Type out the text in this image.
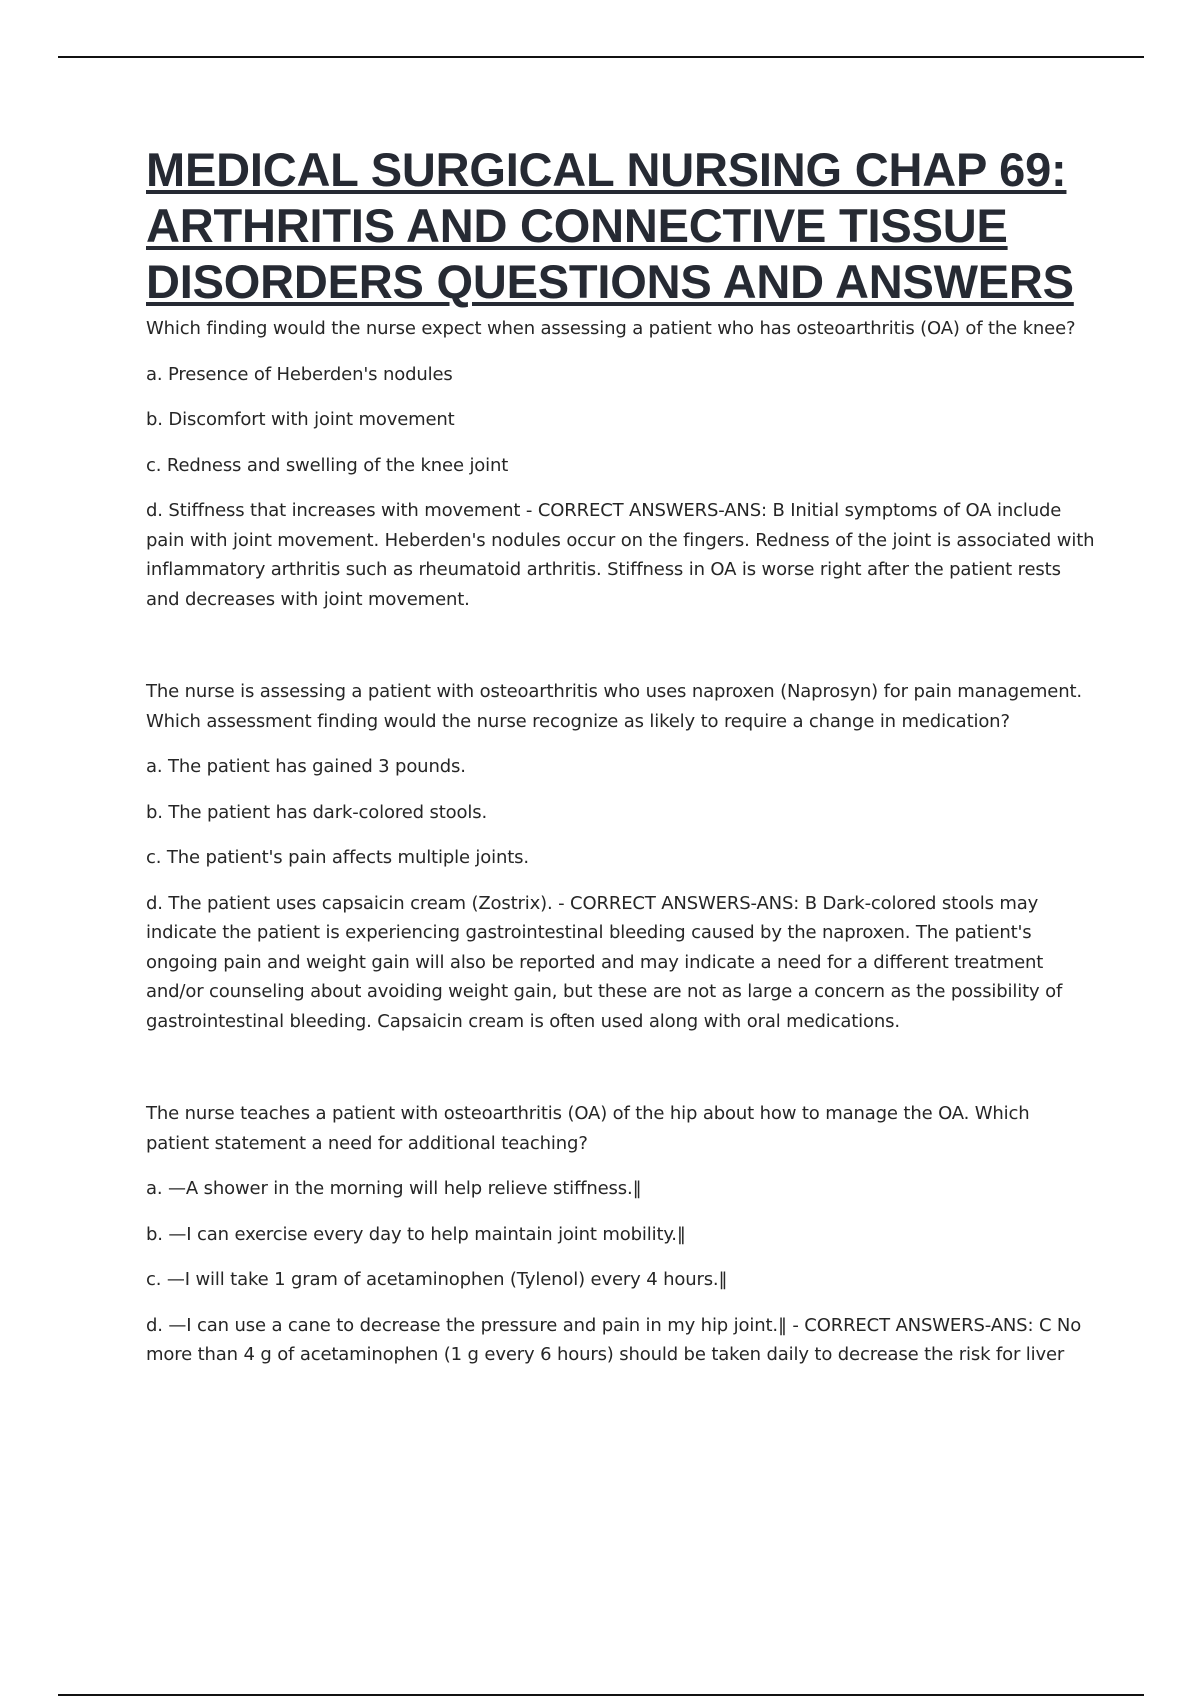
MEDICAL SURGICAL NURSING CHAP 69: ARTHRITIS AND CONNECTIVE TISSUE DISORDERS QUESTIONS AND ANSWERS

Which finding would the nurse expect when assessing a patient who has osteoarthritis (OA) of the knee?

a. Presence of Heberden's nodules

b. Discomfort with joint movement

c. Redness and swelling of the knee joint

d. Stiffness that increases with movement - CORRECT ANSWERS-ANS: B Initial symptoms of OA include pain with joint movement. Heberden's nodules occur on the fingers. Redness of the joint is associated with inflammatory arthritis such as rheumatoid arthritis. Stiffness in OA is worse right after the patient rests and decreases with joint movement.

The nurse is assessing a patient with osteoarthritis who uses naproxen (Naprosyn) for pain management. Which assessment finding would the nurse recognize as likely to require a change in medication?

a. The patient has gained 3 pounds.

b. The patient has dark-colored stools.

c. The patient's pain affects multiple joints.

d. The patient uses capsaicin cream (Zostrix). - CORRECT ANSWERS-ANS: B Dark-colored stools may indicate the patient is experiencing gastrointestinal bleeding caused by the naproxen. The patient's ongoing pain and weight gain will also be reported and may indicate a need for a different treatment and/or counseling about avoiding weight gain, but these are not as large a concern as the possibility of gastrointestinal bleeding. Capsaicin cream is often used along with oral medications.

The nurse teaches a patient with osteoarthritis (OA) of the hip about how to manage the OA. Which patient statement a need for additional teaching?

a. —A shower in the morning will help relieve stiffness.‖

b. —I can exercise every day to help maintain joint mobility.‖

c. —I will take 1 gram of acetaminophen (Tylenol) every 4 hours.‖

d. —I can use a cane to decrease the pressure and pain in my hip joint.‖ - CORRECT ANSWERS-ANS: C No more than 4 g of acetaminophen (1 g every 6 hours) should be taken daily to decrease the risk for liver
